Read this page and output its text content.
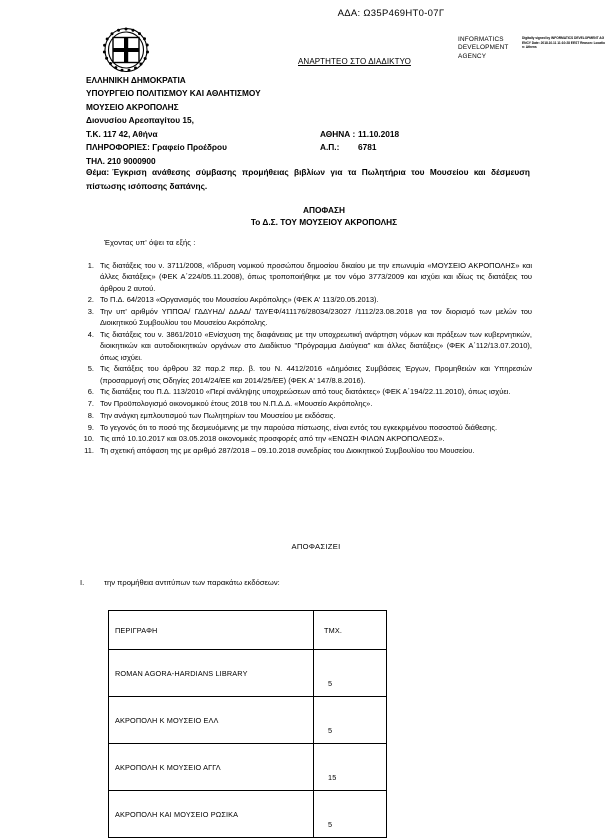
ΑΔΑ: Ω35Ρ469ΗΤ0-07Γ
INFORMATICS DEVELOPMENT AGENCY
Digitally signed by INFORMATICS DEVELOPMENT AGENCY Date: 2018.10.11 11:10:28 EEST Reason: Location: Athens
ΑΝΑΡΤΗΤΕΟ ΣΤΟ ΔΙΑΔΙΚΤΥΟ
ΕΛΛΗΝΙΚΗ ΔΗΜΟΚΡΑΤΙΑ
ΥΠΟΥΡΓΕΙΟ ΠΟΛΙΤΙΣΜΟΥ ΚΑΙ ΑΘΛΗΤΙΣΜΟΥ
ΜΟΥΣΕΙΟ ΑΚΡΟΠΟΛΗΣ
Διονυσίου Αρεοπαγίτου 15,
Τ.Κ. 117 42, Αθήνα
ΠΛΗΡΟΦΟΡΙΕΣ: Γραφείο Προέδρου
ΤΗΛ. 210 9000900
ΑΘΗΝΑ : 11.10.2018
Α.Π.:	6781
Θέμα: Έγκριση ανάθεσης σύμβασης προμήθειας βιβλίων για τα Πωλητήρια του Μουσείου και δέσμευση πίστωσης ισόποσης δαπάνης.
ΑΠΟΦΑΣΗ
Το Δ.Σ. ΤΟΥ ΜΟΥΣΕΙΟΥ ΑΚΡΟΠΟΛΗΣ
Έχοντας υπ' όψει τα εξής :
1. Τις διατάξεις του ν. 3711/2008, «Ίδρυση νομικού προσώπου δημοσίου δικαίου με την επωνυμία «ΜΟΥΣΕΙΟ ΑΚΡΟΠΟΛΗΣ» και άλλες διατάξεις» (ΦΕΚ Α΄224/05.11.2008), όπως τροποποιήθηκε με τον νόμο 3773/2009 και ισχύει και ιδίως τις διατάξεις του άρθρου 2 αυτού.
2. Το Π.Δ. 64/2013 «Οργανισμός του Μουσείου Ακρόπολης» (ΦΕΚ Α' 113/20.05.2013).
3. Την υπ' αριθμόν ΥΠΠΟΑ/ ΓΔΔΥΗΔ/ ΔΔΑΔ/ ΤΔΥΕΦ/411176/28034/23027 /1112/23.08.2018 για τον διορισμό των μελών του Διοικητικού Συμβουλίου του Μουσείου Ακρόπολης.
4. Τις διατάξεις του ν. 3861/2010 «Ενίσχυση της διαφάνειας με την υποχρεωτική ανάρτηση νόμων και πράξεων των κυβερνητικών, διοικητικών και αυτοδιοικητικών οργάνων στο Διαδίκτυο "Πρόγραμμα Διαύγεια" και άλλες διατάξεις» (ΦΕΚ Α΄112/13.07.2010), όπως ισχύει.
5. Τις διατάξεις του άρθρου 32 παρ.2 περ. β. του Ν. 4412/2016 «Δημόσιες Συμβάσεις Έργων, Προμηθειών και Υπηρεσιών (προσαρμογή στις Οδηγίες 2014/24/ΕΕ και 2014/25/ΕΕ) (ΦΕΚ Α' 147/8.8.2016).
6. Τις διατάξεις του Π.Δ. 113/2010 «Περί ανάληψης υποχρεώσεων από τους διατάκτες» (ΦΕΚ Α΄194/22.11.2010), όπως ισχύει.
7. Τον Προϋπολογισμό οικονομικού έτους 2018 του Ν.Π.Δ.Δ. «Μουσείο Ακρόπολης».
8. Την ανάγκη εμπλουτισμού των Πωλητηρίων του Μουσείου με εκδόσεις.
9. Το γεγονός ότι το ποσό της δεσμευόμενης με την παρούσα πίστωσης, είναι εντός του εγκεκριμένου ποσοστού διάθεσης.
10. Τις από 10.10.2017 και 03.05.2018 οικονομικές προσφορές από την «ΕΝΩΣΗ ΦΙΛΩΝ ΑΚΡΟΠΟΛΕΩΣ».
11. Τη σχετική απόφαση της με αριθμό 287/2018 – 09.10.2018 συνεδρίας του Διοικητικού Συμβουλίου του Μουσείου.
ΑΠΟΦΑΣΙΖΕΙ
Ι.	την προμήθεια αντιτύπων των παρακάτω εκδόσεων:
ΠΕΡΙΓΡΑΦΗ	ΤΜΧ.
ROMAN AGORA-HARDIANS LIBRARY	5
ΑΚΡΟΠΟΛΗ Κ ΜΟΥΣΕΙΟ ΕΛΛ	5
ΑΚΡΟΠΟΛΗ Κ ΜΟΥΣΕΙΟ ΑΓΓΛ	15
ΑΚΡΟΠΟΛΗ ΚΑΙ ΜΟΥΣΕΙΟ ΡΩΣΙΚΑ	5
